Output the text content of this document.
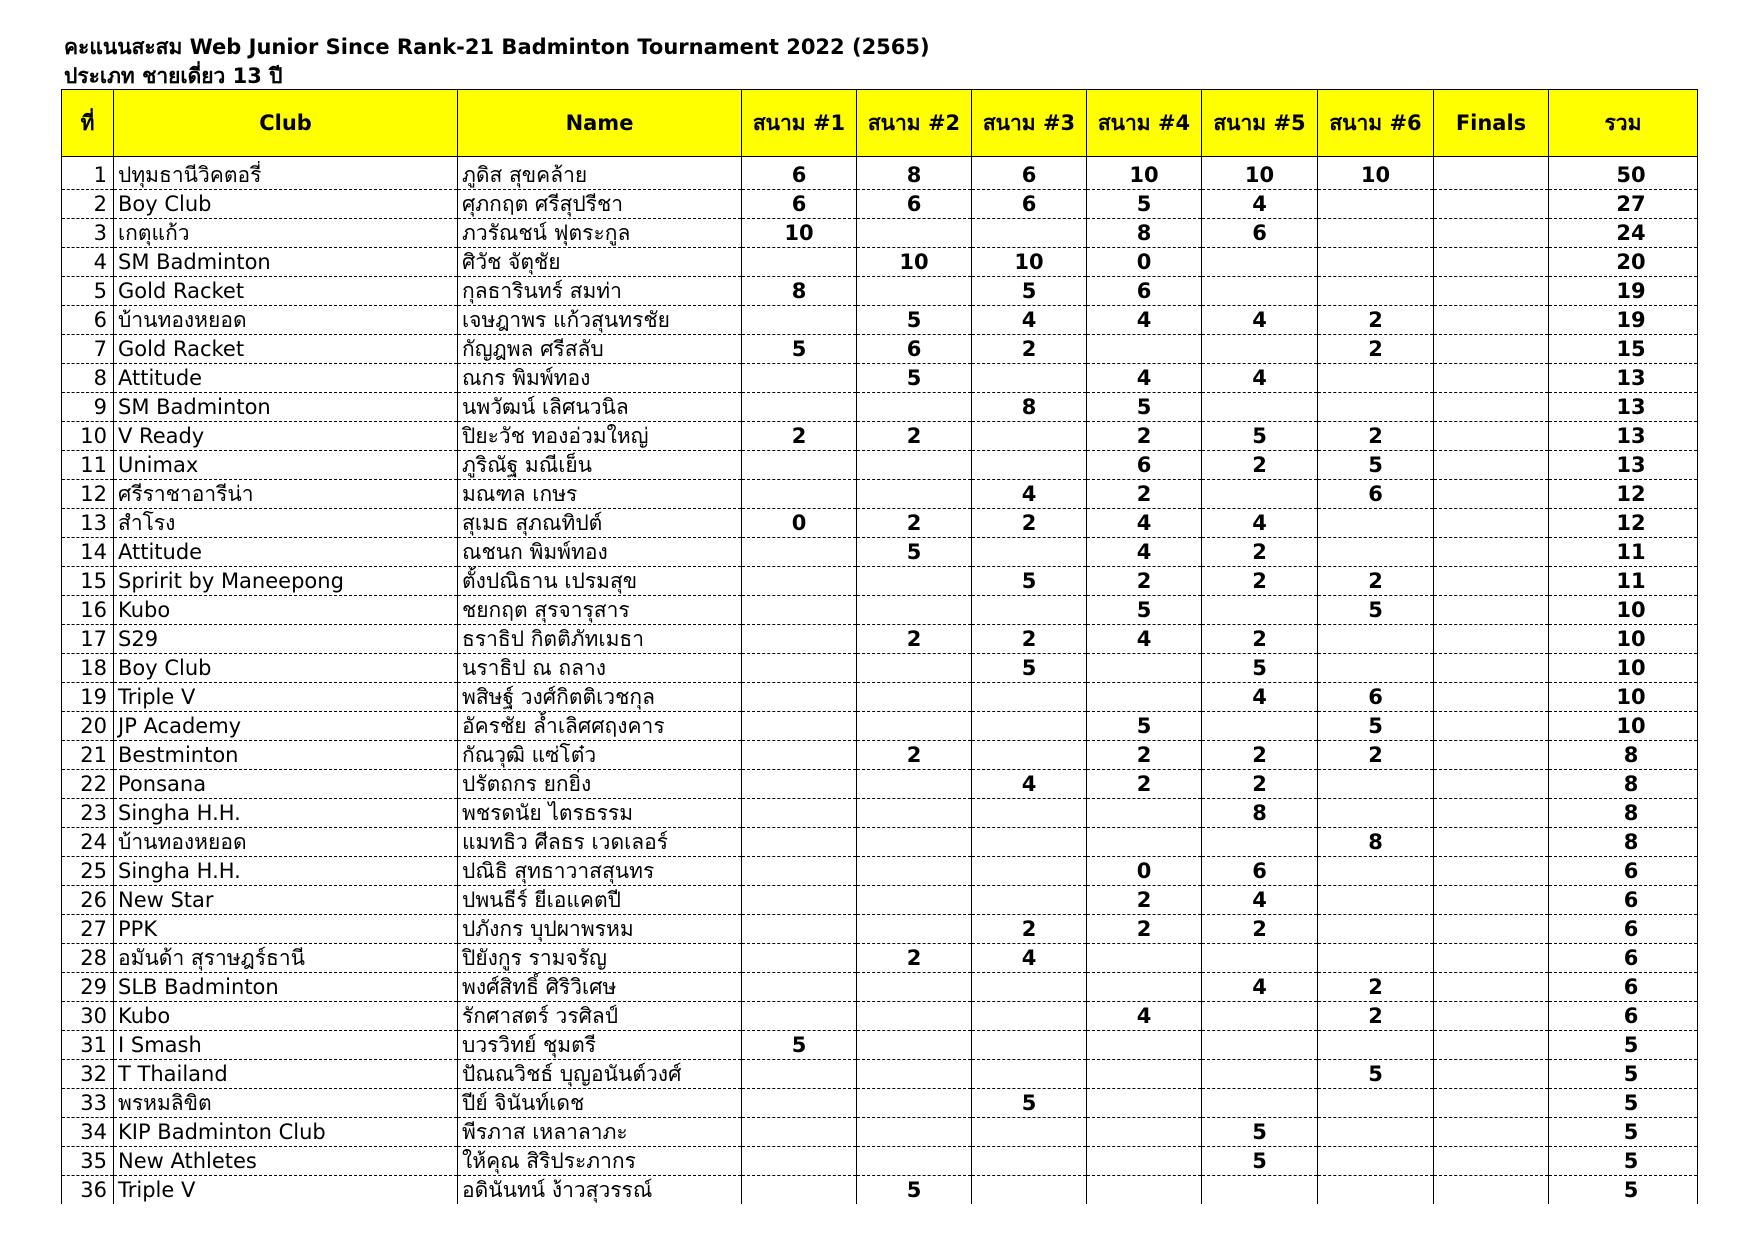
คะแนนสะสม Web Junior Since Rank-21 Badminton Tournament 2022 (2565)
ประเภท ชายเดี่ยว 13 ปี
ที่	Club	Name	สนาม #1	สนาม #2	สนาม #3	สนาม #4	สนาม #5	สนาม #6	Finals	รวม

1	ปทุมธานีวิคตอรี่	ภูดิส สุขคล้าย	6	8	6	10	10	10		50
2	Boy Club	ศุภกฤต ศรีสุปรีชา	6	6	6	5	4			27
3	เกตุแก้ว	ภวรัณชน์ ฟุตระกูล	10			8	6			24
4	SM Badminton	ศิวัช จัตุชัย		10	10	0				20
5	Gold Racket	กุลธารินทร์ สมท่า	8		5	6				19
6	บ้านทองหยอด	เจษฎาพร แก้วสุนทรชัย		5	4	4	4	2		19
7	Gold Racket	กัญฎพล ศรีสลับ	5	6	2			2		15
8	Attitude	ณกร พิมพ์ทอง		5		4	4			13
9	SM Badminton	นพวัฒน์ เลิศนวนิล			8	5				13
10	V Ready	ปิยะวัช ทองอ่วมใหญ่	2	2		2	5	2		13
11	Unimax	ภูริณัฐ มณีเย็น				6	2	5		13
12	ศรีราชาอารีน่า	มณฑล เกษร			4	2		6		12
13	สำโรง	สุเมธ สุภณทิปต์	0	2	2	4	4			12
14	Attitude	ณชนก พิมพ์ทอง		5		4	2			11
15	Spririt by Maneepong	ตั้งปณิธาน เปรมสุข			5	2	2	2		11
16	Kubo	ชยกฤต สุรจารุสาร				5		5		10
17	S29	ธราธิป กิตติภัทเมธา		2	2	4	2			10
18	Boy Club	นราธิป ณ ถลาง			5		5			10
19	Triple V	พสิษฐ์ วงศ์กิตติเวชกุล					4	6		10
20	JP Academy	อัครชัย ล้ำเลิศศฤงคาร				5		5		10
21	Bestminton	กัณวุฒิ แซ่โต๋ว		2		2	2	2		8
22	Ponsana	ปรัตถกร ยกยิ่ง			4	2	2			8
23	Singha H.H.	พชรดนัย ไตรธรรม					8			8
24	บ้านทองหยอด	แมทธิว ศีลธร เวดเลอร์						8		8
25	Singha H.H.	ปณิธิ สุทธาวาสสุนทร				0	6			6
26	New Star	ปพนธีร์ ยีเอแคตปี				2	4			6
27	PPK	ปภังกร บุปผาพรหม			2	2	2			6
28	อมันด้า สุราษฎร์ธานี	ปิยังกูร รามจรัญ		2	4					6
29	SLB Badminton	พงศ์สิทธิ์ ศิริวิเศษ					4	2		6
30	Kubo	รักศาสตร์ วรศิลป์				4		2		6
31	I Smash	บวรวิทย์ ชุมตรี	5							5
32	T Thailand	ปัณณวิชธ์ บุญอนันต์วงศ์						5		5
33	พรหมลิขิต	ปีย์ จินันท์เดช			5					5
34	KIP Badminton Club	พีรภาส เหลาลาภะ					5			5
35	New Athletes	ให้คุณ สิริประภากร					5			5
36	Triple V	อดินันทน์ ง้าวสุวรรณ์		5						5
